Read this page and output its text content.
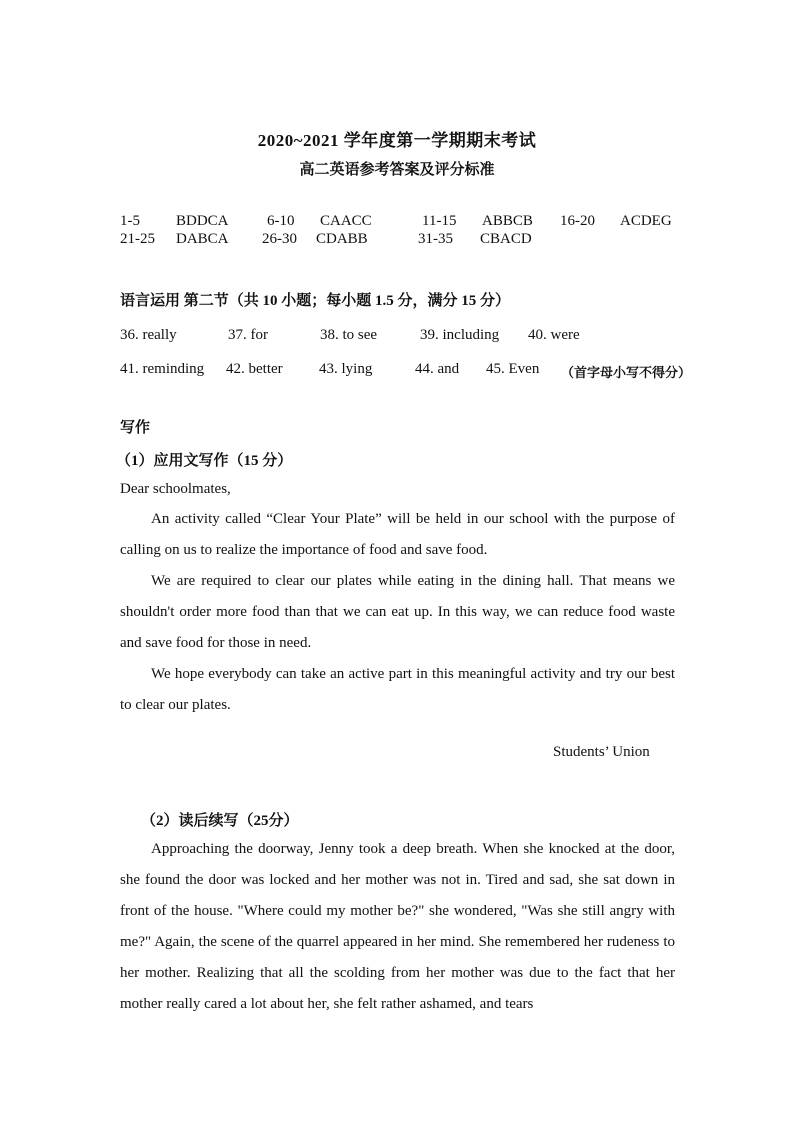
2020~2021 学年度第一学期期末考试
高二英语参考答案及评分标准
1-5 BDDCA	6-10 CAACC	11-15 ABBCB 16-20 ACDEG
21-25 DABCA 26-30 CDABB	31-35 CBACD
语言运用 第二节（共 10 小题；每小题 1.5 分，满分 15 分）
36. really	37. for	38. to see	39. including 40. were
41. reminding 42. better 43. lying	44. and 45. Even （首字母小写不得分）
写作
（1）应用文写作（15 分）
Dear schoolmates,
An activity called “Clear Your Plate” will be held in our school with the purpose of calling on us to realize the importance of food and save food.
We are required to clear our plates while eating in the dining hall. That means we shouldn't order more food than that we can eat up. In this way, we can reduce food waste and save food for those in need.
We hope everybody can take an active part in this meaningful activity and try our best to clear our plates.
Students’ Union
（2）读后续写（25分）
Approaching the doorway, Jenny took a deep breath. When she knocked at the door, she found the door was locked and her mother was not in. Tired and sad, she sat down in front of the house. "Where could my mother be?" she wondered, "Was she still angry with me?" Again, the scene of the quarrel appeared in her mind. She remembered her rudeness to her mother. Realizing that all the scolding from her mother was due to the fact that her mother really cared a lot about her, she felt rather ashamed, and tears
